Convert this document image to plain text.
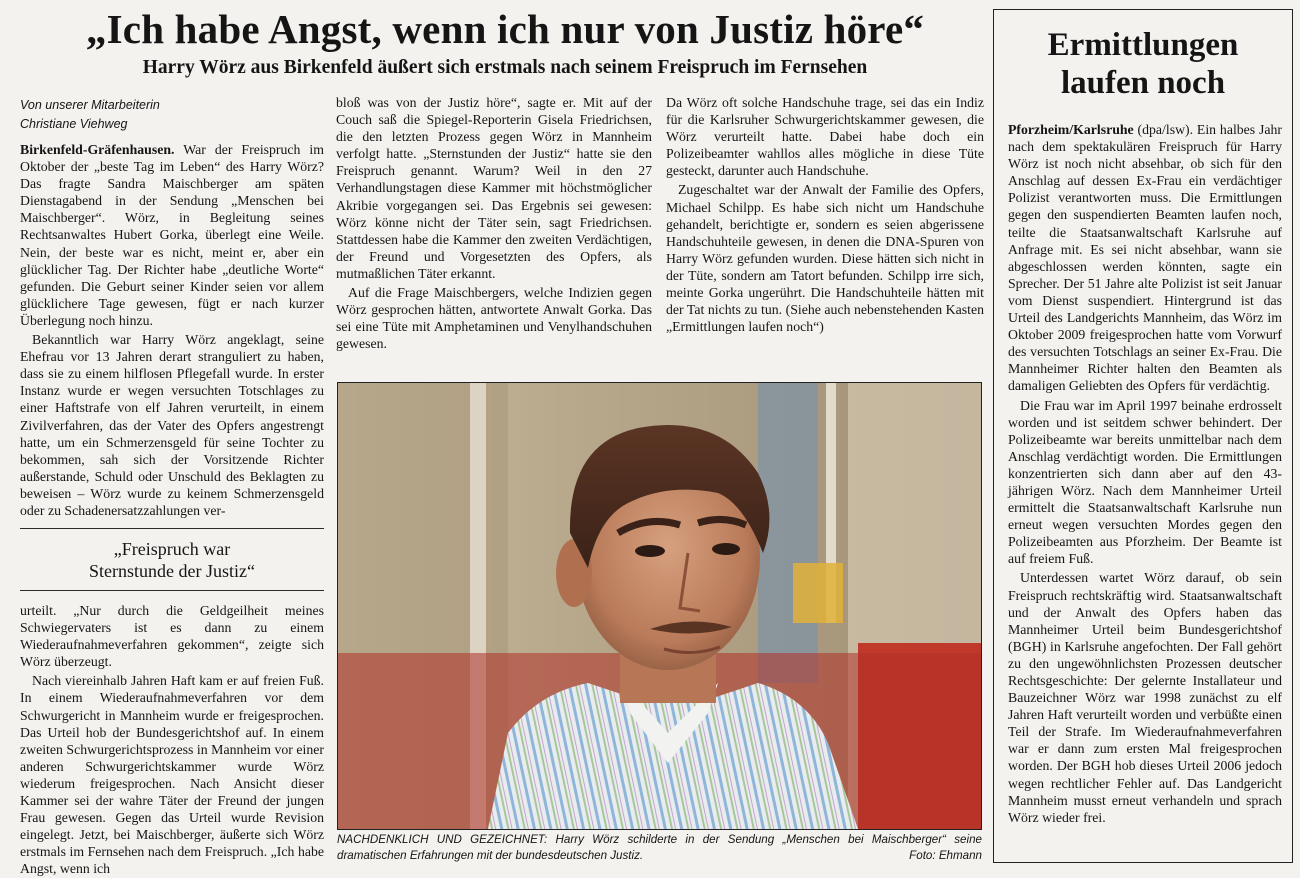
„Ich habe Angst, wenn ich nur von Justiz höre“
Harry Wörz aus Birkenfeld äußert sich erstmals nach seinem Freispruch im Fernsehen
Von unserer Mitarbeiterin
Christiane Viehweg

Birkenfeld-Gräfenhausen. War der Freispruch im Oktober der „beste Tag im Leben“ des Harry Wörz? Das fragte Sandra Maischberger am späten Dienstagabend in der Sendung „Menschen bei Maischberger“. Wörz, in Begleitung seines Rechtsanwaltes Hubert Gorka, überlegt eine Weile. Nein, der beste war es nicht, meint er, aber ein glücklicher Tag. Der Richter habe „deutliche Worte“ gefunden. Die Geburt seiner Kinder seien vor allem glücklichere Tage gewesen, fügt er nach kurzer Überlegung noch hinzu.

Bekanntlich war Harry Wörz angeklagt, seine Ehefrau vor 13 Jahren derart stranguliert zu haben, dass sie zu einem hilflosen Pflegefall wurde. In erster Instanz wurde er wegen versuchten Totschlages zu einer Haftstrafe von elf Jahren verurteilt, in einem Zivilverfahren, das der Vater des Opfers angestrengt hatte, um ein Schmerzensgeld für seine Tochter zu bekommen, sah sich der Vorsitzende Richter außerstande, Schuld oder Unschuld des Beklagten zu beweisen – Wörz wurde zu keinem Schmerzensgeld oder zu Schadenersatzzahlungen ver-

„Freispruch war
Sternstunde der Justiz“

urteilt. „Nur durch die Geldgeilheit meines Schwiegervaters ist es dann zu einem Wiederaufnahmeverfahren gekommen“, zeigte sich Wörz überzeugt.

Nach viereinhalb Jahren Haft kam er auf freien Fuß. In einem Wiederaufnahmeverfahren vor dem Schwurgericht in Mannheim wurde er freigesprochen. Das Urteil hob der Bundesgerichtshof auf. In einem zweiten Schwurgerichtsprozess in Mannheim vor einer anderen Schwurgerichtskammer wurde Wörz wiederum freigesprochen. Nach Ansicht dieser Kammer sei der wahre Täter der Freund der jungen Frau gewesen. Gegen das Urteil wurde Revision eingelegt. Jetzt, bei Maischberger, äußerte sich Wörz erstmals im Fernsehen nach dem Freispruch. „Ich habe Angst, wenn ich

bloß was von der Justiz höre“, sagte er. Mit auf der Couch saß die Spiegel-Reporterin Gisela Friedrichsen, die den letzten Prozess gegen Wörz in Mannheim verfolgt hatte. „Sternstunden der Justiz“ hatte sie den Freispruch genannt. Warum? Weil in den 27 Verhandlungstagen diese Kammer mit höchstmöglicher Akribie vorgegangen sei. Das Ergebnis sei gewesen: Wörz könne nicht der Täter sein, sagt Friedrichsen. Stattdessen habe die Kammer den zweiten Verdächtigen, der Freund und Vorgesetzten des Opfers, als mutmaßlichen Täter erkannt.

Auf die Frage Maischbergers, welche Indizien gegen Wörz gesprochen hätten, antwortete Anwalt Gorka. Das sei eine Tüte mit Amphetaminen und Venylhandschuhen gewesen.

Da Wörz oft solche Handschuhe trage, sei das ein Indiz für die Karlsruher Schwurgerichtskammer gewesen, die Wörz verurteilt hatte. Dabei habe doch ein Polizeibeamter wahllos alles mögliche in diese Tüte gesteckt, darunter auch Handschuhe.

Zugeschaltet war der Anwalt der Familie des Opfers, Michael Schilpp. Es habe sich nicht um Handschuhe gehandelt, berichtigte er, sondern es seien abgerissene Handschuhteile gewesen, in denen die DNA-Spuren von Harry Wörz gefunden wurden. Diese hätten sich nicht in der Tüte, sondern am Tatort befunden. Schilpp irre sich, meinte Gorka ungerührt. Die Handschuhteile hätten mit der Tat nichts zu tun. (Siehe auch nebenstehenden Kasten „Ermittlungen laufen noch“)

NACHDENKLICH UND GEZEICHNET: Harry Wörz schilderte in der Sendung „Menschen bei Maischberger“ seine dramatischen Erfahrungen mit der bundesdeutschen Justiz.	Foto: Ehmann
Ermittlungen
laufen noch

Pforzheim/Karlsruhe (dpa/lsw). Ein halbes Jahr nach dem spektakulären Freispruch für Harry Wörz ist noch nicht absehbar, ob sich für den Anschlag auf dessen Ex-Frau ein verdächtiger Polizist verantworten muss. Die Ermittlungen gegen den suspendierten Beamten laufen noch, teilte die Staatsanwaltschaft Karlsruhe auf Anfrage mit. Es sei nicht absehbar, wann sie abgeschlossen werden könnten, sagte ein Sprecher. Der 51 Jahre alte Polizist ist seit Januar vom Dienst suspendiert. Hintergrund ist das Urteil des Landgerichts Mannheim, das Wörz im Oktober 2009 freigesprochen hatte vom Vorwurf des versuchten Totschlags an seiner Ex-Frau. Die Mannheimer Richter halten den Beamten als damaligen Geliebten des Opfers für verdächtig.

Die Frau war im April 1997 beinahe erdrosselt worden und ist seitdem schwer behindert. Der Polizeibeamte war bereits unmittelbar nach dem Anschlag verdächtigt worden. Die Ermittlungen konzentrierten sich dann aber auf den 43-jährigen Wörz. Nach dem Mannheimer Urteil ermittelt die Staatsanwaltschaft Karlsruhe nun erneut wegen versuchten Mordes gegen den Polizeibeamten aus Pforzheim. Der Beamte ist auf freiem Fuß.

Unterdessen wartet Wörz darauf, ob sein Freispruch rechtskräftig wird. Staatsanwaltschaft und der Anwalt des Opfers haben das Mannheimer Urteil beim Bundesgerichtshof (BGH) in Karlsruhe angefochten. Der Fall gehört zu den ungewöhnlichsten Prozessen deutscher Rechtsgeschichte: Der gelernte Installateur und Bauzeichner Wörz war 1998 zunächst zu elf Jahren Haft verurteilt worden und verbüßte einen Teil der Strafe. Im Wiederaufnahmeverfahren war er dann zum ersten Mal freigesprochen worden. Der BGH hob dieses Urteil 2006 jedoch wegen rechtlicher Fehler auf. Das Landgericht Mannheim musst erneut verhandeln und sprach Wörz wieder frei.
